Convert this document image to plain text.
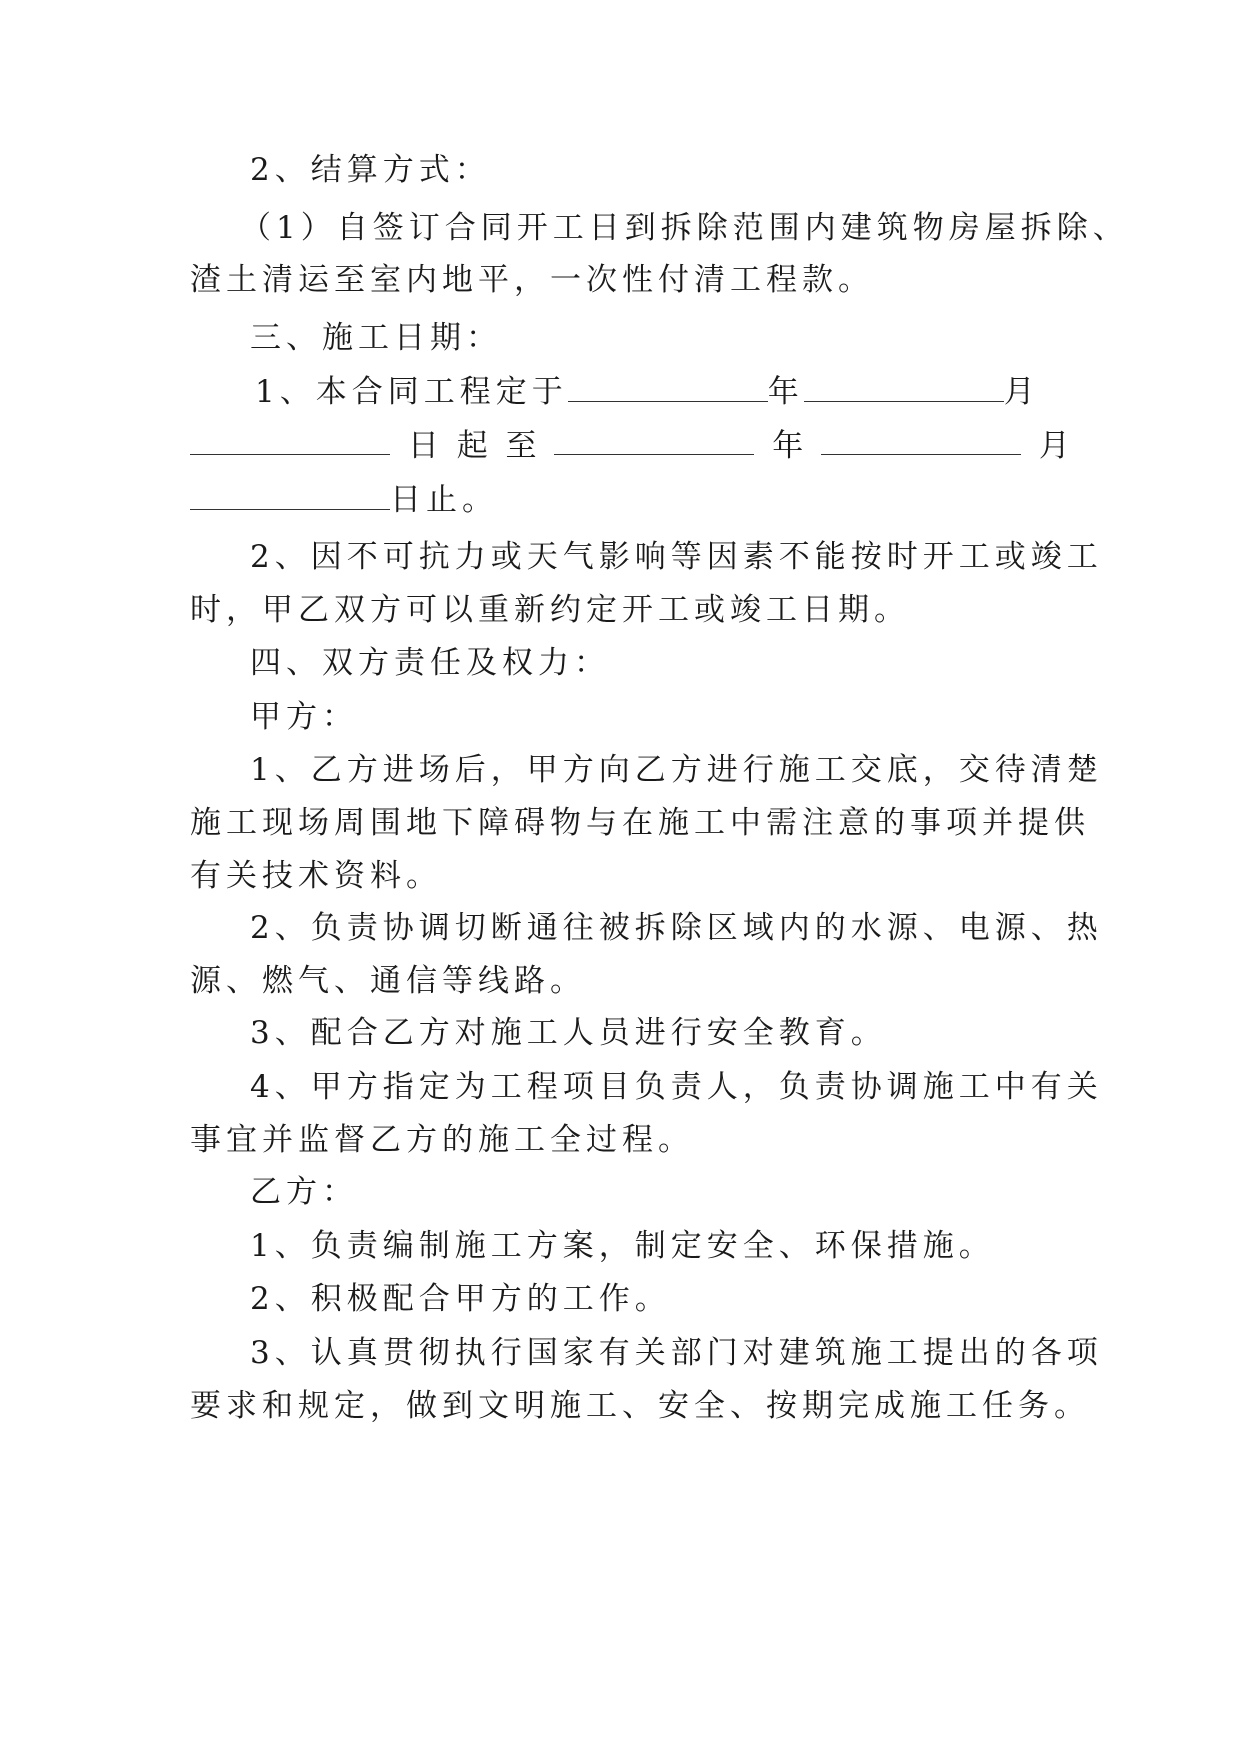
2、结算方式：
（1）自签订合同开工日到拆除范围内建筑物房屋拆除、
渣土清运至室内地平，一次性付清工程款。
三、施工日期：
1、本合同工程定于	年	月
日 起 至	年	月
日止。
2、因不可抗力或天气影响等因素不能按时开工或竣工
时，甲乙双方可以重新约定开工或竣工日期。
四、双方责任及权力：
甲方：
1、乙方进场后，甲方向乙方进行施工交底，交待清楚
施工现场周围地下障碍物与在施工中需注意的事项并提供
有关技术资料。
2、负责协调切断通往被拆除区域内的水源、电源、热
源、燃气、通信等线路。
3、配合乙方对施工人员进行安全教育。
4、甲方指定为工程项目负责人，负责协调施工中有关
事宜并监督乙方的施工全过程。
乙方：
1、负责编制施工方案，制定安全、环保措施。
2、积极配合甲方的工作。
3、认真贯彻执行国家有关部门对建筑施工提出的各项
要求和规定，做到文明施工、安全、按期完成施工任务。
